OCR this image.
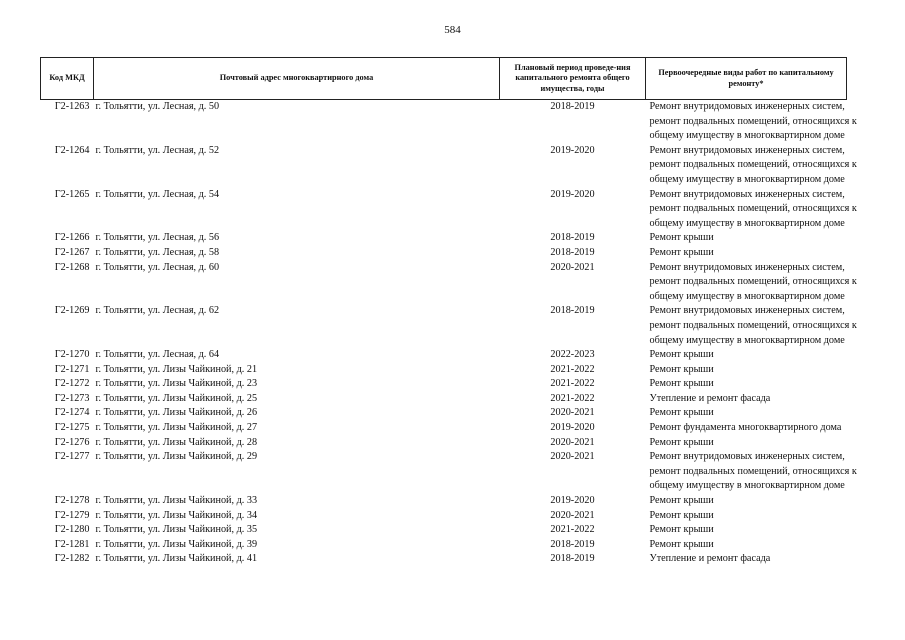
584
Код МКД	Почтовый адрес многоквартирного дома	Плановый период проведе-ния капитального ремонта общего имущества, годы	Первоочередные виды работ по капитальному ремонту*
Г2-1263	г. Тольятти, ул. Лесная, д. 50	2018-2019	Ремонт внутридомовых инженерных систем,
ремонт подвальных помещений, относящихся к
общему имуществу в многоквартирном доме

Г2-1264	г. Тольятти, ул. Лесная, д. 52	2019-2020	Ремонт внутридомовых инженерных систем,
ремонт подвальных помещений, относящихся к
общему имуществу в многоквартирном доме

Г2-1265	г. Тольятти, ул. Лесная, д. 54	2019-2020	Ремонт внутридомовых инженерных систем,
ремонт подвальных помещений, относящихся к
общему имуществу в многоквартирном доме

Г2-1266	г. Тольятти, ул. Лесная, д. 56	2018-2019	Ремонт крыши

Г2-1267	г. Тольятти, ул. Лесная, д. 58	2018-2019	Ремонт крыши

Г2-1268	г. Тольятти, ул. Лесная, д. 60	2020-2021	Ремонт внутридомовых инженерных систем,
ремонт подвальных помещений, относящихся к
общему имуществу в многоквартирном доме

Г2-1269	г. Тольятти, ул. Лесная, д. 62	2018-2019	Ремонт внутридомовых инженерных систем,
ремонт подвальных помещений, относящихся к
общему имуществу в многоквартирном доме

Г2-1270	г. Тольятти, ул. Лесная, д. 64	2022-2023	Ремонт крыши

Г2-1271	г. Тольятти, ул. Лизы Чайкиной, д. 21	2021-2022	Ремонт крыши

Г2-1272	г. Тольятти, ул. Лизы Чайкиной, д. 23	2021-2022	Ремонт крыши

Г2-1273	г. Тольятти, ул. Лизы Чайкиной, д. 25	2021-2022	Утепление и ремонт фасада

Г2-1274	г. Тольятти, ул. Лизы Чайкиной, д. 26	2020-2021	Ремонт крыши

Г2-1275	г. Тольятти, ул. Лизы Чайкиной, д. 27	2019-2020	Ремонт фундамента многоквартирного дома

Г2-1276	г. Тольятти, ул. Лизы Чайкиной, д. 28	2020-2021	Ремонт крыши

Г2-1277	г. Тольятти, ул. Лизы Чайкиной, д. 29	2020-2021	Ремонт внутридомовых инженерных систем,
ремонт подвальных помещений, относящихся к
общему имуществу в многоквартирном доме

Г2-1278	г. Тольятти, ул. Лизы Чайкиной, д. 33	2019-2020	Ремонт крыши

Г2-1279	г. Тольятти, ул. Лизы Чайкиной, д. 34	2020-2021	Ремонт крыши

Г2-1280	г. Тольятти, ул. Лизы Чайкиной, д. 35	2021-2022	Ремонт крыши

Г2-1281	г. Тольятти, ул. Лизы Чайкиной, д. 39	2018-2019	Ремонт крыши

Г2-1282	г. Тольятти, ул. Лизы Чайкиной, д. 41	2018-2019	Утепление и ремонт фасада
